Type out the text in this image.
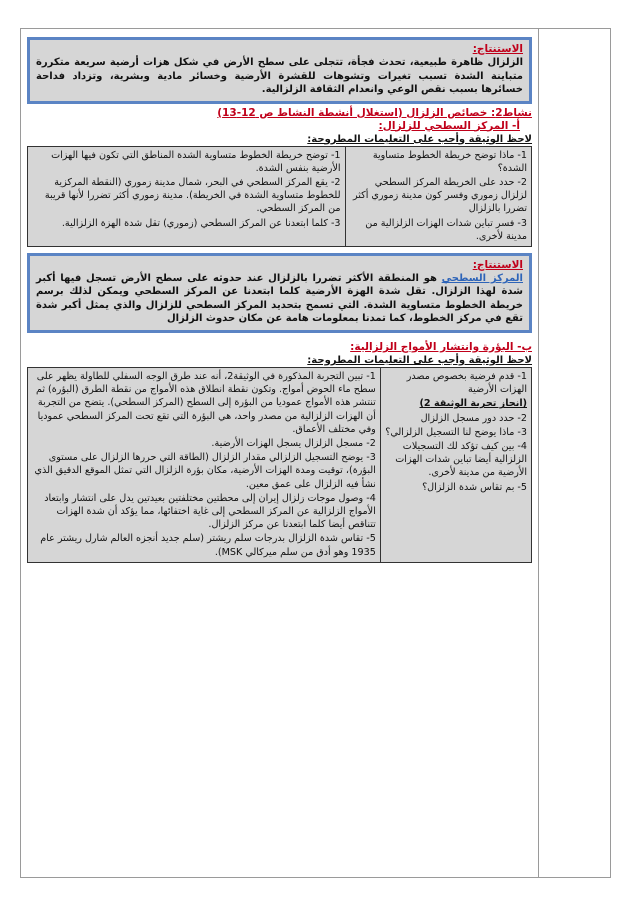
الاستنتاج:
الزلزال ظاهرة طبيعية، تحدث فجأة، تتجلى على سطح الأرض في شكل هزات أرضية سريعة متكررة متباينة الشدة تسبب تغيرات وتشوهات للقشرة الأرضية وخسائر مادية وبشرية، وتزداد فداحة خسائرها بسبب نقص الوعي وانعدام الثقافة الزلزالية.
نشاط2: خصائص الزلزال (استغلال أنشطة النشاط ص 12-13)
أ- المركز السطحي للزلزال:
لاحظ الوثيقة وأجب على التعليمات المطروحة:
1- ماذا توضح خريطة الخطوط متساوية الشدة؟
2- حدد على الخريطة المركز السطحي لزلزال زموري وفسر كون مدينة زموري أكثر تضررا بالزلزال
3- فسر تباين شدات الهزات الزلزالية من مدينة لأخرى.

1- توضح خريطة الخطوط متساوية الشدة المناطق التي تكون فيها الهزات الأرضية بنفس الشدة.
2- يقع المركز السطحي في البحر، شمال مدينة زموري (النقطة المركزية للخطوط متساوية الشدة في الخريطة). مدينة زموري أكثر تضررا لأنها قريبة من المركز السطحي.
3- كلما ابتعدنا عن المركز السطحي (زموري) تقل شدة الهزة الزلزالية.
الاستنتاج:
المركز السطحي هو المنطقة الأكثر تضررا بالزلزال عند حدوثه على سطح الأرض تسجل فيها أكبر شدة لهذا الزلزال. تقل شدة الهزة الأرضية كلما ابتعدنا عن المركز السطحي ويمكن لذلك برسم خريطة الخطوط متساوية الشدة. التي تسمح بتحديد المركز السطحي للزلزال والذي يمثل أكبر شدة تقع في مركز الخطوط، كما تمدنا بمعلومات هامة عن مكان حدوث الزلزال
ب- البؤرة وانتشار الأمواج الزلزالية:
لاحظ الوثيقة وأجب على التعليمات المطروحة:
1- قدم فرضية بخصوص مصدر الهزات الأرضية
(انجاز تجربة الوثيقة 2)
2- حدد دور مسجل الزلزال
3- ماذا يوضح لنا التسجيل الزلزالي؟
4- بين كيف تؤكد لك التسجيلات الزلزالية أيضا تباين شدات الهزات الأرضية من مدينة لأخرى.
5- بم تقاس شدة الزلزال؟

1- تبين التجربة المذكورة في الوثيقة2، أنه عند طرق الوجه السفلي للطاولة يظهر على سطح ماء الحوض أمواج. وتكون نقطة انطلاق هذه الأمواج من نقطة الطرق (البؤرة) ثم تنتشر هذه الأمواج عموديا من البؤرة إلى السطح (المركز السطحي). يتضح من التجربة أن الهزات الزلزالية من مصدر واحد، هي البؤرة التي تقع تحت المركز السطحي عموديا وفي مختلف الأعماق.
2- مسجل الزلزال يسجل الهزات الأرضية.
3- يوضح التسجيل الزلزالي مقدار الزلزال (الطاقة التي حررها الزلزال على مستوى البؤرة)، توقيت ومدة الهزات الأرضية، مكان بؤرة الزلزال التي تمثل الموقع الدقيق الذي نشأ فيه الزلزال على عمق معين.
4- وصول موجات زلزال إيران إلى محطتين مختلفتين بعيدتين يدل على انتشار وابتعاد الأمواج الزلزالية عن المركز السطحي إلى غاية اختفائها، مما يؤكد أن شدة الهزات تتناقص أيضا كلما ابتعدنا عن مركز الزلزال.
5- تقاس شدة الزلزال بدرجات سلم ريشتر (سلم جديد أنجزه العالم شارل ريشتر عام 1935 وهو أدق من سلم ميركالي MSK).
